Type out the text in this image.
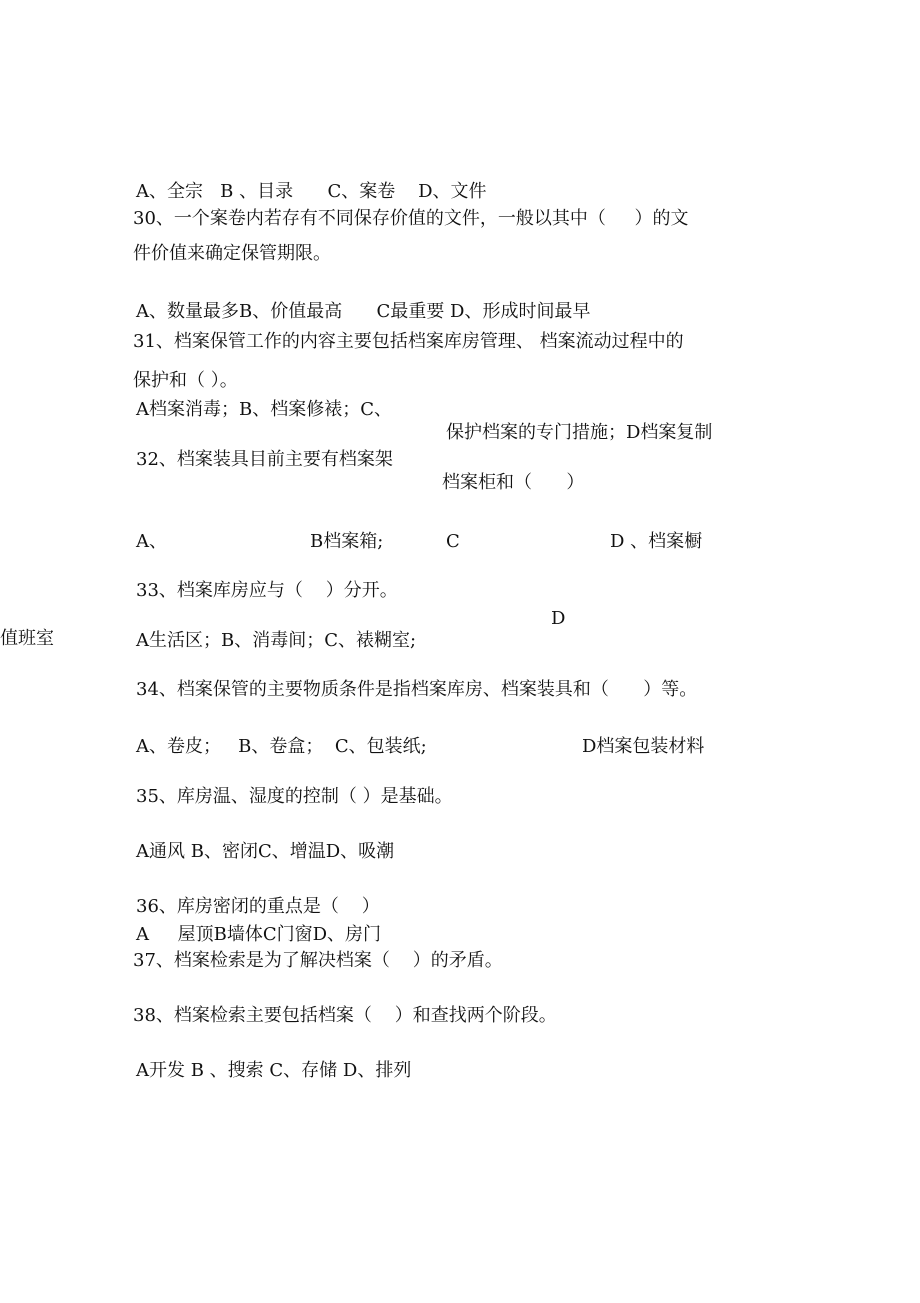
A、全宗   B 、目录      C、案卷    D、文件
30、一个案卷内若存有不同保存价值的文件，一般以其中（     ）的文
件价值来确定保管期限。
A、数量最多B、价值最高      C最重要 D、形成时间最早
31、档案保管工作的内容主要包括档案库房管理、 档案流动过程中的
保护和（ ）。
A档案消毒；B、档案修裱；C、
保护档案的专门措施；D档案复制
32、档案装具目前主要有档案架
档案柜和（      ）
A、	B档案箱;	C	D 、档案橱
33、档案库房应与（    ）分开。
D
值班室	A生活区；B、消毒间；C、裱糊室;
34、档案保管的主要物质条件是指档案库房、档案装具和（      ）等。
A、卷皮；   B、卷盒；  C、包装纸;	D档案包装材料
35、库房温、湿度的控制（ ）是基础。
A通风 B、密闭C、增温D、吸潮
36、库房密闭的重点是（    ）
A     屋顶B墙体C门窗D、房门
37、档案检索是为了解决档案（    ）的矛盾。
38、档案检索主要包括档案（    ）和查找两个阶段。
A开发 B 、搜索 C、存储 D、排列
